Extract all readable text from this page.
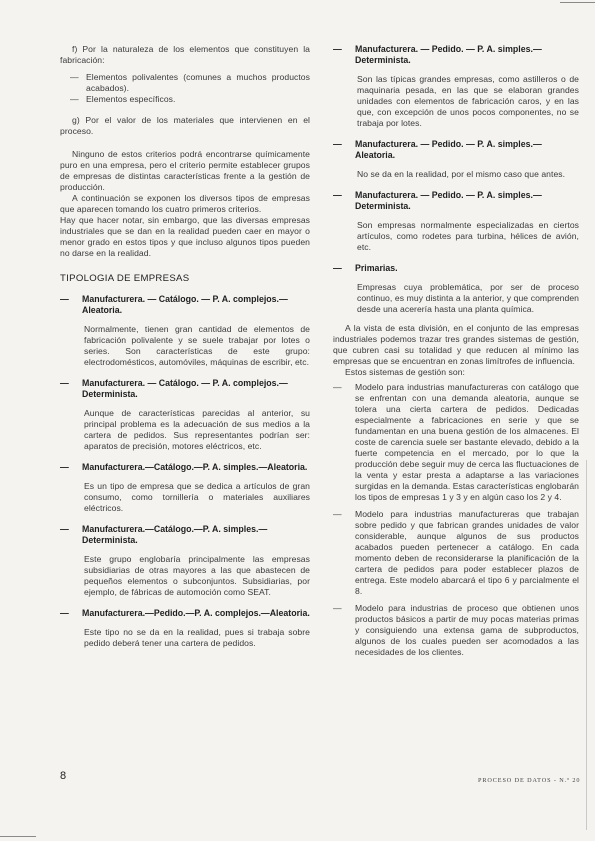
f) Por la naturaleza de los elementos que constituyen la fabricación:

— Elementos polivalentes (comunes a muchos productos acabados).

— Elementos específicos.

g) Por el valor de los materiales que intervienen en el proceso.

Ninguno de estos criterios podrá encontrarse químicamente puro en una empresa, pero el criterio permite establecer grupos de empresas de distintas características frente a la gestión de producción.

A continuación se exponen los diversos tipos de empresas que aparecen tomando los cuatro primeros criterios.

Hay que hacer notar, sin embargo, que las diversas empresas industriales que se dan en la realidad pueden caer en mayor o menor grado en estos tipos y que incluso algunos tipos pueden no darse en la realidad.

TIPOLOGIA DE EMPRESAS

— Manufacturera. — Catálogo. — P. A. complejos.—Aleatoria.

Normalmente, tienen gran cantidad de elementos de fabricación polivalente y se suele trabajar por lotes o series. Son características de este grupo: electrodomésticos, automóviles, máquinas de escribir, etc.

— Manufacturera. — Catálogo. — P. A. complejos.—Determinista.

Aunque de características parecidas al anterior, su principal problema es la adecuación de sus medios a la cartera de pedidos. Sus representantes podrían ser: aparatos de precisión, motores eléctricos, etc.

— Manufacturera.—Catálogo.—P. A. simples.—Aleatoria.

Es un tipo de empresa que se dedica a artículos de gran consumo, como tornillería o materiales auxiliares eléctricos.

— Manufacturera.—Catálogo.—P. A. simples.—Determinista.

Este grupo englobaría principalmente las empresas subsidiarias de otras mayores a las que abastecen de pequeños elementos o subconjuntos. Subsidiarias, por ejemplo, de fábricas de automoción como SEAT.

— Manufacturera.—Pedido.—P. A. complejos.—Aleatoria.

Este tipo no se da en la realidad, pues si trabaja sobre pedido deberá tener una cartera de pedidos.

— Manufacturera. — Pedido. — P. A. simples.—Determinista.

Son las típicas grandes empresas, como astilleros o de maquinaria pesada, en las que se elaboran grandes unidades con elementos de fabricación caros, y en las que, con excepción de unos pocos componentes, no se trabaja por lotes.

— Manufacturera. — Pedido. — P. A. simples.—Aleatoria.

No se da en la realidad, por el mismo caso que antes.

— Manufacturera. — Pedido. — P. A. simples.—Determinista.

Son empresas normalmente especializadas en ciertos artículos, como rodetes para turbina, hélices de avión, etc.

— Primarias.

Empresas cuya problemática, por ser de proceso continuo, es muy distinta a la anterior, y que comprenden desde una acerería hasta una planta química.

A la vista de esta división, en el conjunto de las empresas industriales podemos trazar tres grandes sistemas de gestión, que cubren casi su totalidad y que reducen al mínimo las empresas que se encuentran en zonas limítrofes de influencia.

Estos sistemas de gestión son:

— Modelo para industrias manufactureras con catálogo que se enfrentan con una demanda aleatoria, aunque se tolera una cierta cartera de pedidos. Dedicadas especialmente a fabricaciones en serie y que se fundamentan en una buena gestión de los almacenes. El coste de carencia suele ser bastante elevado, debido a la fuerte competencia en el mercado, por lo que la producción debe seguir muy de cerca las fluctuaciones de la venta y estar presta a adaptarse a las variaciones surgidas en la demanda. Estas características englobarán los tipos de empresas 1 y 3 y en algún caso los 2 y 4.

— Modelo para industrias manufactureras que trabajan sobre pedido y que fabrican grandes unidades de valor considerable, aunque algunos de sus productos acabados pueden pertenecer a catálogo. En cada momento deben de reconsiderarse la planificación de la cartera de pedidos para poder establecer plazos de entrega. Este modelo abarcará el tipo 6 y parcialmente el 8.

— Modelo para industrias de proceso que obtienen unos productos básicos a partir de muy pocas materias primas y consiguiendo una extensa gama de subproductos, algunos de los cuales pueden ser acomodados a las necesidades de los clientes.

8	PROCESO DE DATOS - N.º 20
